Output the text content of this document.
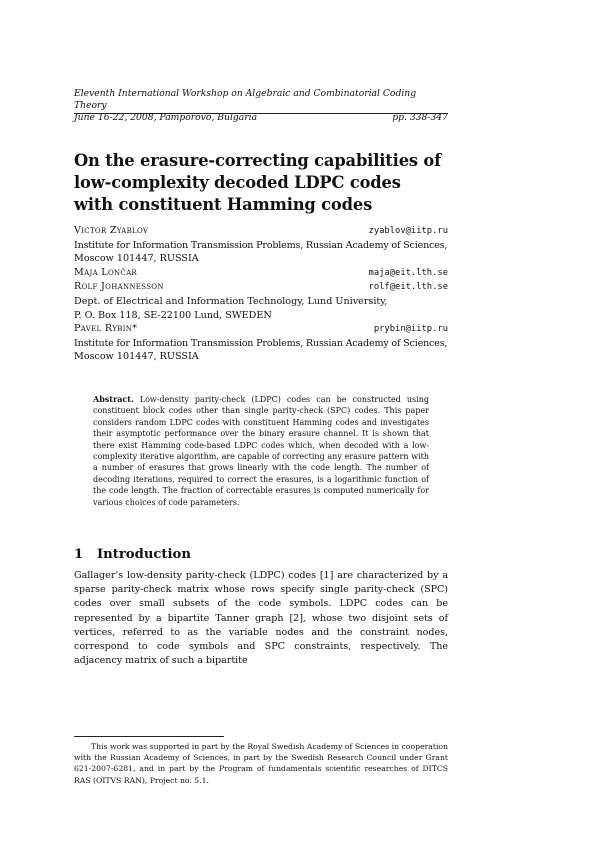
Eleventh International Workshop on Algebraic and Combinatorial Coding Theory
June 16-22, 2008, Pamporovo, Bulgaria	pp. 338-347
On the erasure-correcting capabilities of
low-complexity decoded LDPC codes
with constituent Hamming codes
Victor Zyablov	zyablov@iitp.ru
Institute for Information Transmission Problems, Russian Academy of Sciences,
Moscow 101447, RUSSIA
Maja Lončar	maja@eit.lth.se
Rolf Johannesson	rolf@eit.lth.se
Dept. of Electrical and Information Technology, Lund University,
P. O. Box 118, SE-22100 Lund, SWEDEN
Pavel Rybin*	prybin@iitp.ru
Institute for Information Transmission Problems, Russian Academy of Sciences,
Moscow 101447, RUSSIA
Abstract. Low-density parity-check (LDPC) codes can be constructed using constituent block codes other than single parity-check (SPC) codes. This paper considers random LDPC codes with constituent Hamming codes and investigates their asymptotic performance over the binary erasure channel. It is shown that there exist Hamming code-based LDPC codes which, when decoded with a low-complexity iterative algorithm, are capable of correcting any erasure pattern with a number of erasures that grows linearly with the code length. The number of decoding iterations, required to correct the erasures, is a logarithmic function of the code length. The fraction of correctable erasures is computed numerically for various choices of code parameters.
1 Introduction
Gallager’s low-density parity-check (LDPC) codes [1] are characterized by a sparse parity-check matrix whose rows specify single parity-check (SPC) codes over small subsets of the code symbols. LDPC codes can be represented by a bipartite Tanner graph [2], whose two disjoint sets of vertices, referred to as the variable nodes and the constraint nodes, correspond to code symbols and SPC constraints, respectively. The adjacency matrix of such a bipartite
This work was supported in part by the Royal Swedish Academy of Sciences in cooperation with the Russian Academy of Sciences, in part by the Swedish Research Council under Grant 621-2007-6281, and in part by the Program of fundamentals scientific researches of DITCS RAS (OITVS RAN), Project no. 5.1.
